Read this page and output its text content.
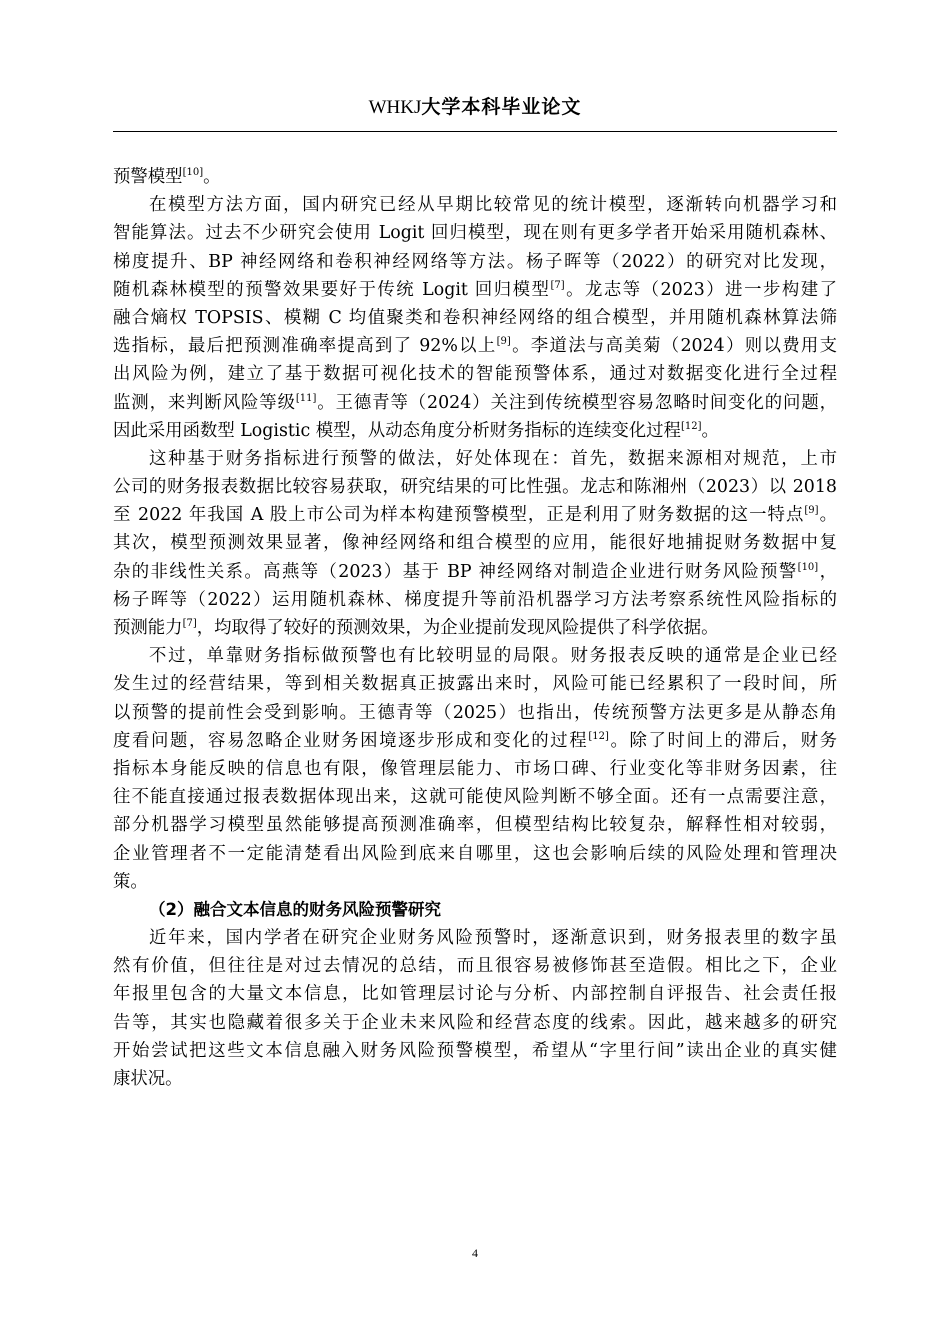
WHKJ大学本科毕业论文
预警模型[10]。
在模型方法方面，国内研究已经从早期比较常见的统计模型，逐渐转向机器学习和
智能算法。过去不少研究会使用 Logit 回归模型，现在则有更多学者开始采用随机森林、
梯度提升、BP 神经网络和卷积神经网络等方法。杨子晖等（2022）的研究对比发现，
随机森林模型的预警效果要好于传统 Logit 回归模型[7]。龙志等（2023）进一步构建了
融合熵权 TOPSIS、模糊 C 均值聚类和卷积神经网络的组合模型，并用随机森林算法筛
选指标，最后把预测准确率提高到了 92%以上[9]。李道法与高美菊（2024）则以费用支
出风险为例，建立了基于数据可视化技术的智能预警体系，通过对数据变化进行全过程
监测，来判断风险等级[11]。王德青等（2024）关注到传统模型容易忽略时间变化的问题，
因此采用函数型 Logistic 模型，从动态角度分析财务指标的连续变化过程[12]。
这种基于财务指标进行预警的做法，好处体现在：首先，数据来源相对规范，上市
公司的财务报表数据比较容易获取，研究结果的可比性强。龙志和陈湘州（2023）以 2018
至 2022 年我国 A 股上市公司为样本构建预警模型，正是利用了财务数据的这一特点[9]。
其次，模型预测效果显著，像神经网络和组合模型的应用，能很好地捕捉财务数据中复
杂的非线性关系。高燕等（2023）基于 BP 神经网络对制造企业进行财务风险预警[10]，
杨子晖等（2022）运用随机森林、梯度提升等前沿机器学习方法考察系统性风险指标的
预测能力[7]，均取得了较好的预测效果，为企业提前发现风险提供了科学依据。
不过，单靠财务指标做预警也有比较明显的局限。财务报表反映的通常是企业已经
发生过的经营结果，等到相关数据真正披露出来时，风险可能已经累积了一段时间，所
以预警的提前性会受到影响。王德青等（2025）也指出，传统预警方法更多是从静态角
度看问题，容易忽略企业财务困境逐步形成和变化的过程[12]。除了时间上的滞后，财务
指标本身能反映的信息也有限，像管理层能力、市场口碑、行业变化等非财务因素，往
往不能直接通过报表数据体现出来，这就可能使风险判断不够全面。还有一点需要注意，
部分机器学习模型虽然能够提高预测准确率，但模型结构比较复杂，解释性相对较弱，
企业管理者不一定能清楚看出风险到底来自哪里，这也会影响后续的风险处理和管理决
策。
（2）融合文本信息的财务风险预警研究
近年来，国内学者在研究企业财务风险预警时，逐渐意识到，财务报表里的数字虽
然有价值，但往往是对过去情况的总结，而且很容易被修饰甚至造假。相比之下，企业
年报里包含的大量文本信息，比如管理层讨论与分析、内部控制自评报告、社会责任报
告等，其实也隐藏着很多关于企业未来风险和经营态度的线索。因此，越来越多的研究
开始尝试把这些文本信息融入财务风险预警模型，希望从“字里行间”读出企业的真实健
康状况。
4
